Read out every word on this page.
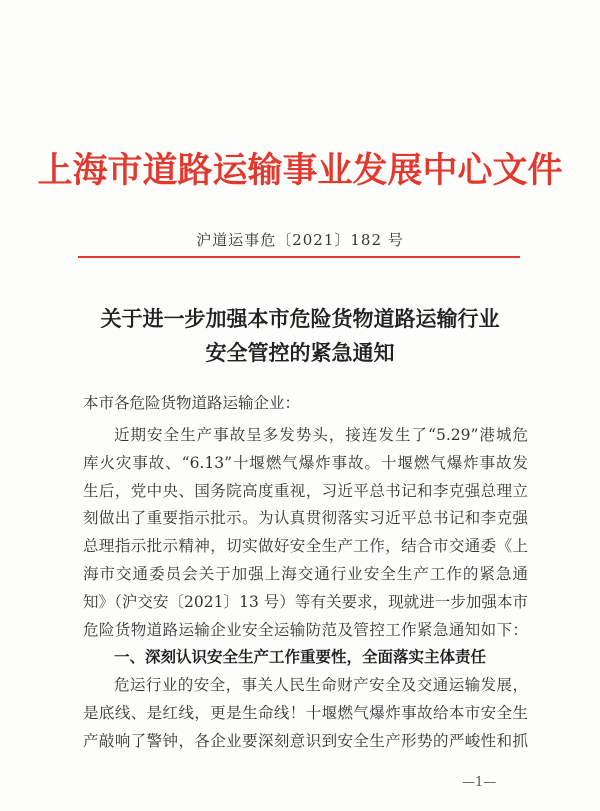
上海市道路运输事业发展中心文件
沪道运事危〔2021〕182 号
关于进一步加强本市危险货物道路运输行业
安全管控的紧急通知
本市各危险货物道路运输企业：
近期安全生产事故呈多发势头，接连发生了“5.29”港城危
库火灾事故、“6.13”十堰燃气爆炸事故。十堰燃气爆炸事故发
生后，党中央、国务院高度重视，习近平总书记和李克强总理立
刻做出了重要指示批示。为认真贯彻落实习近平总书记和李克强
总理指示批示精神，切实做好安全生产工作，结合市交通委《上
海市交通委员会关于加强上海交通行业安全生产工作的紧急通
知》（沪交安〔2021〕13 号）等有关要求，现就进一步加强本市
危险货物道路运输企业安全运输防范及管控工作紧急通知如下：
一、深刻认识安全生产工作重要性，全面落实主体责任
危运行业的安全，事关人民生命财产安全及交通运输发展，
是底线、是红线，更是生命线！十堰燃气爆炸事故给本市安全生
产敲响了警钟，各企业要深刻意识到安全生产形势的严峻性和抓
—1—
